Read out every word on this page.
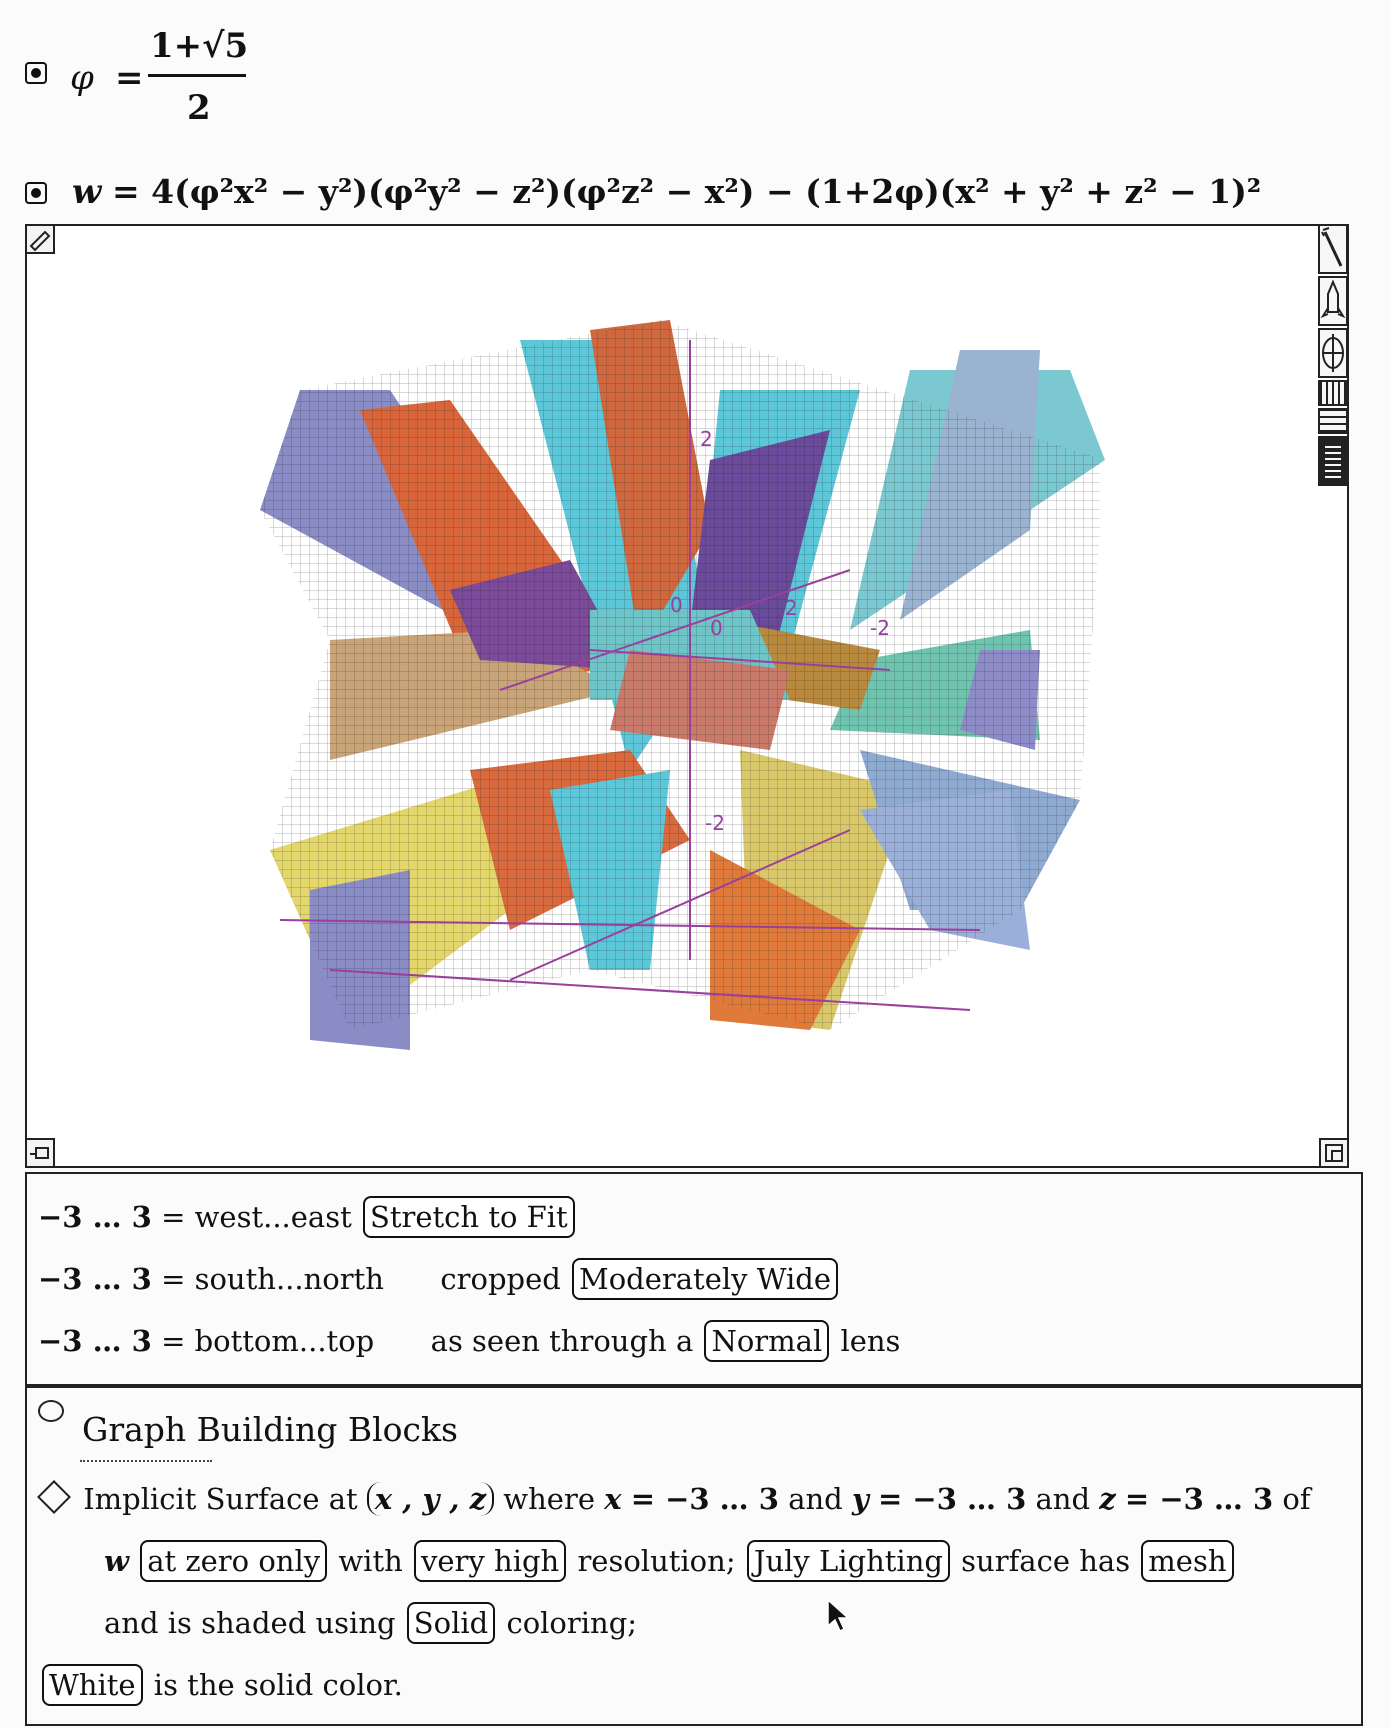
φ =
1+√5
2
w = 4(φ²x² − y²)(φ²y² − z²)(φ²z² − x²) − (1+2φ)(x² + y² + z² − 1)²
2
0
0	-2
-2
2
−3 … 3 = west...east Stretch to Fit
−3 … 3 = south...north cropped Moderately Wide
−3 … 3 = bottom...top as seen through a Normal lens
Graph Building Blocks
Implicit Surface at x , y , z where x = −3 … 3 and y = −3 … 3 and z = −3 … 3 of
w at zero only with very high resolution; July Lighting surface has mesh
and is shaded using Solid coloring;
White is the solid color.
